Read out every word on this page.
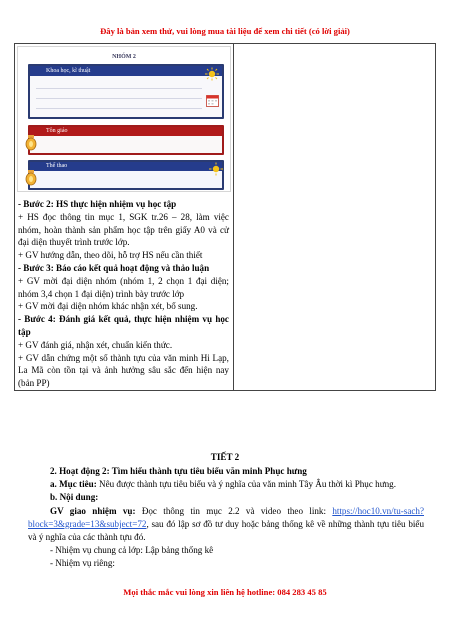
Đây là bản xem thử, vui lòng mua tài liệu để xem chi tiết (có lời giải)
NHÓM 2
Khoa học, kĩ thuật
Tôn giáo
Thể thao

- Bước 2: HS thực hiện nhiệm vụ học tập

+ HS đọc thông tin mục 1, SGK tr.26 – 28, làm việc nhóm, hoàn thành sản phẩm học tập trên giấy A0 và cử đại diện thuyết trình trước lớp.

+ GV hướng dẫn, theo dõi, hỗ trợ HS nếu cần thiết

- Bước 3: Báo cáo kết quả hoạt động và thảo luận

+ GV mời đại diện nhóm (nhóm 1, 2 chọn 1 đại diện; nhóm 3,4 chọn 1 đại diện) trình bày trước lớp

+ GV mời đại diện nhóm khác nhận xét, bổ sung.

- Bước 4: Đánh giá kết quả, thực hiện nhiệm vụ học tập

+ GV đánh giá, nhận xét, chuẩn kiến thức.

+ GV dẫn chứng một số thành tựu của văn minh Hi Lạp, La Mã còn tồn tại và ảnh hưởng sâu sắc đến hiện nay (bản PP)

TIẾT 2
2. Hoạt động 2: Tìm hiểu thành tựu tiêu biểu văn minh Phục hưng
a. Mục tiêu: Nêu được thành tựu tiêu biểu và ý nghĩa của văn minh Tây Âu thời kì Phục hưng.
b. Nội dung:
GV giao nhiệm vụ: Đọc thông tin mục 2.2 và video theo link: https://hoc10.vn/tu-sach?block=3&grade=13&subject=72, sau đó lập sơ đồ tư duy hoặc bảng thống kê về những thành tựu tiêu biểu và ý nghĩa của các thành tựu đó.
- Nhiệm vụ chung cả lớp: Lập bảng thống kê
- Nhiệm vụ riêng:
Mọi thắc mắc vui lòng xin liên hệ hotline: 084 283 45 85
